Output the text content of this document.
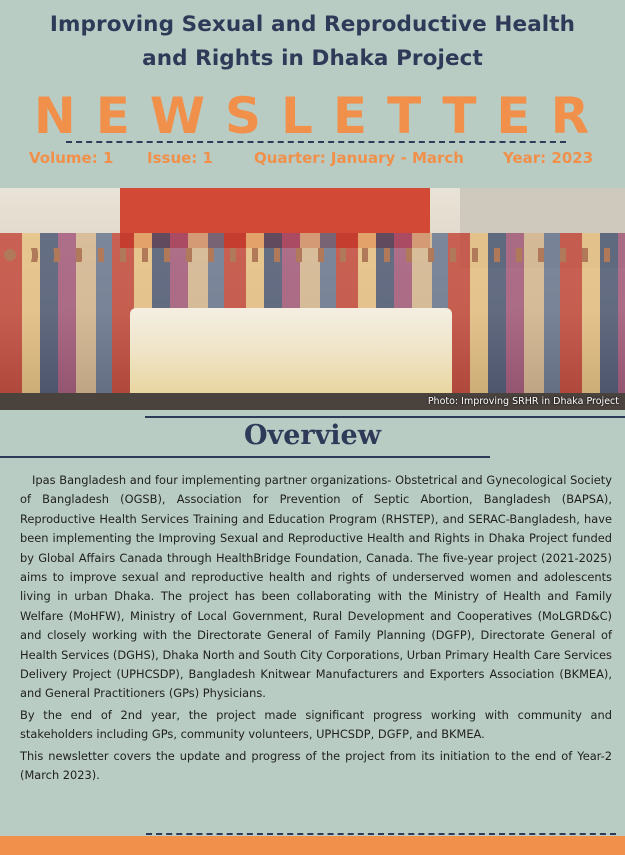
Improving Sexual and Reproductive Health
and Rights in Dhaka Project
NEWSLETTER
Volume: 1 Issue: 1	Quarter: January - March	Year: 2023
Photo: Improving SRHR in Dhaka Project
Overview

Ipas Bangladesh and four implementing partner organizations- Obstetrical and Gynecological Society of Bangladesh (OGSB), Association for Prevention of Septic Abortion, Bangladesh (BAPSA), Reproductive Health Services Training and Education Program (RHSTEP), and SERAC-Bangladesh, have been implementing the Improving Sexual and Reproductive Health and Rights in Dhaka Project funded by Global Affairs Canada through HealthBridge Foundation, Canada. The five-year project (2021-2025) aims to improve sexual and reproductive health and rights of underserved women and adolescents living in urban Dhaka. The project has been collaborating with the Ministry of Health and Family Welfare (MoHFW), Ministry of Local Government, Rural Development and Cooperatives (MoLGRD&C) and closely working with the Directorate General of Family Planning (DGFP), Directorate General of Health Services (DGHS), Dhaka North and South City Corporations, Urban Primary Health Care Services Delivery Project (UPHCSDP), Bangladesh Knitwear Manufacturers and Exporters Association (BKMEA), and General Practitioners (GPs) Physicians.

By the end of 2nd year, the project made significant progress working with community and stakeholders including GPs, community volunteers, UPHCSDP, DGFP, and BKMEA.

This newsletter covers the update and progress of the project from its initiation to the end of Year-2 (March 2023).
